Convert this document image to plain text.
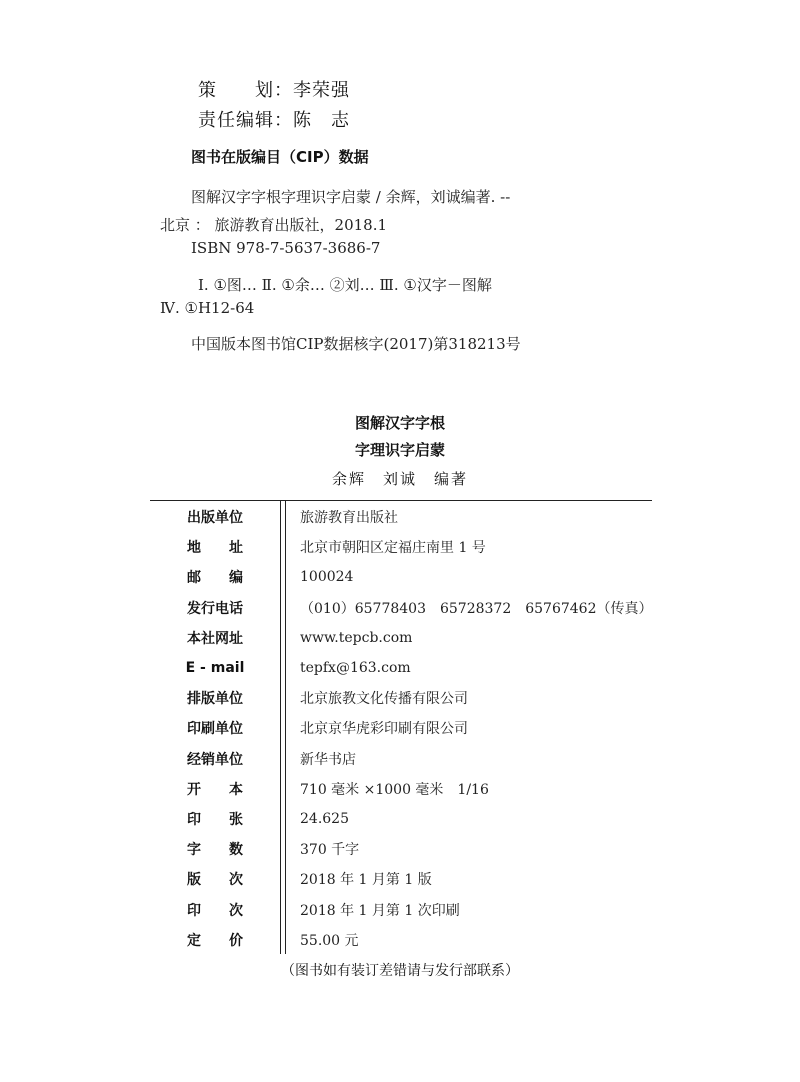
策　　划：李荣强
责任编辑：陈　志
图书在版编目（CIP）数据
图解汉字字根字理识字启蒙 / 余辉，刘诚编著. --
北京 ： 旅游教育出版社，2018.1
ISBN 978-7-5637-3686-7
Ⅰ. ①图… Ⅱ. ①余… ②刘… Ⅲ. ①汉字－图解
Ⅳ. ①H12-64
中国版本图书馆CIP数据核字(2017)第318213号
图解汉字字根
字理识字启蒙
余辉　刘诚　编著
出版单位		旅游教育出版社
地　　址		北京市朝阳区定福庄南里 1 号
邮　　编		100024
发行电话		（010）65778403　65728372　65767462（传真）
本社网址		www.tepcb.com
E - mail		tepfx@163.com
排版单位		北京旅教文化传播有限公司
印刷单位		北京京华虎彩印刷有限公司
经销单位		新华书店
开　　本		710 毫米 ×1000 毫米　1/16
印　　张		24.625
字　　数		370 千字
版　　次		2018 年 1 月第 1 版
印　　次		2018 年 1 月第 1 次印刷
定　　价		55.00 元
（图书如有装订差错请与发行部联系）
